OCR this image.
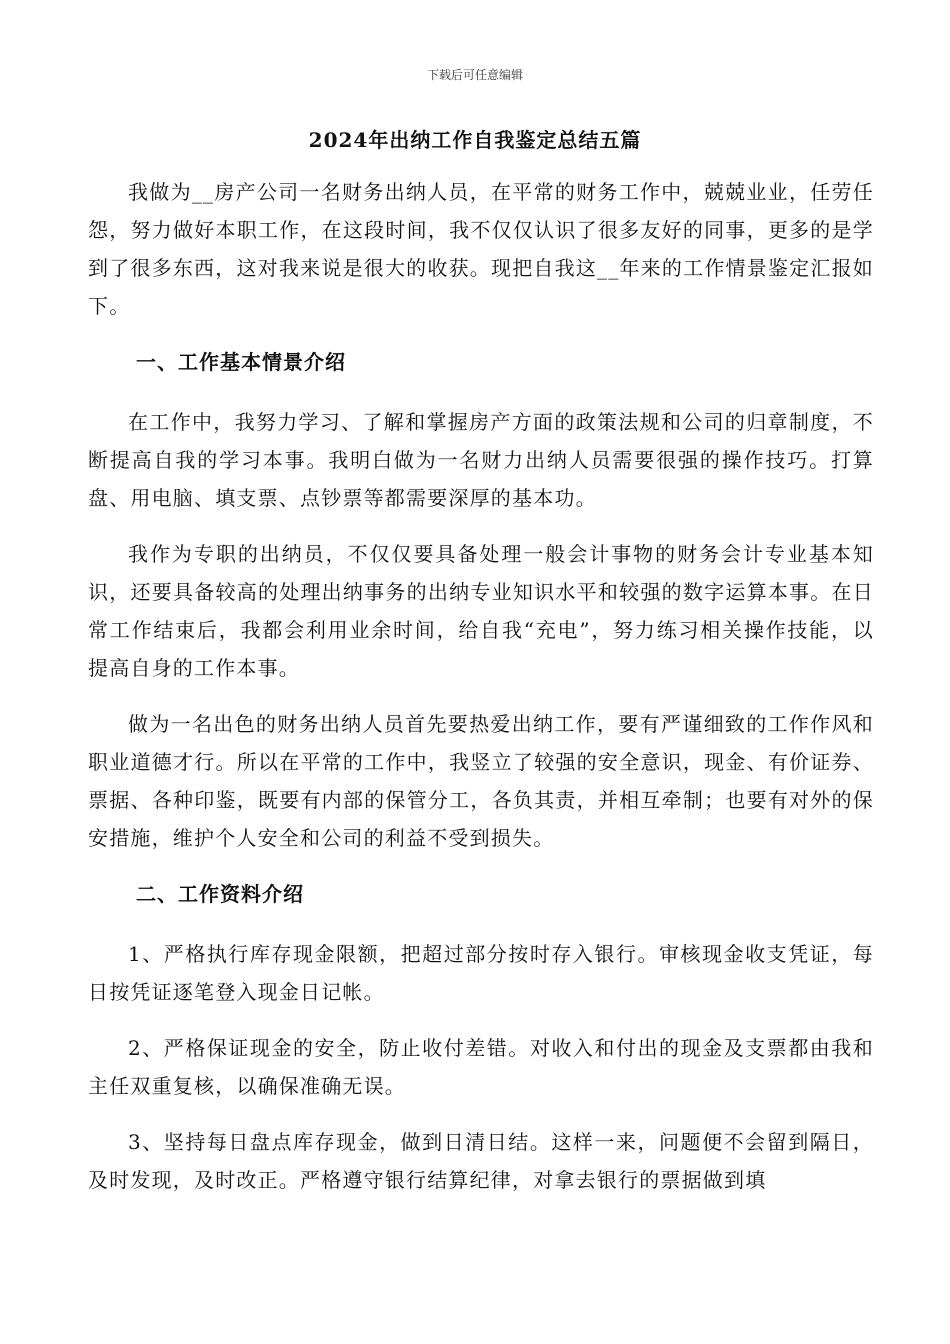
下载后可任意编辑
2024年出纳工作自我鉴定总结五篇

我做为__房产公司一名财务出纳人员，在平常的财务工作中，兢兢业业，任劳任怨，努力做好本职工作，在这段时间，我不仅仅认识了很多友好的同事，更多的是学到了很多东西，这对我来说是很大的收获。现把自我这__年来的工作情景鉴定汇报如下。

一、工作基本情景介绍

在工作中，我努力学习、了解和掌握房产方面的政策法规和公司的归章制度，不断提高自我的学习本事。我明白做为一名财力出纳人员需要很强的操作技巧。打算盘、用电脑、填支票、点钞票等都需要深厚的基本功。

我作为专职的出纳员，不仅仅要具备处理一般会计事物的财务会计专业基本知识，还要具备较高的处理出纳事务的出纳专业知识水平和较强的数字运算本事。在日常工作结束后，我都会利用业余时间，给自我“充电”，努力练习相关操作技能，以提高自身的工作本事。

做为一名出色的财务出纳人员首先要热爱出纳工作，要有严谨细致的工作作风和职业道德才行。所以在平常的工作中，我竖立了较强的安全意识，现金、有价证券、票据、各种印鉴，既要有内部的保管分工，各负其责，并相互牵制；也要有对外的保安措施，维护个人安全和公司的利益不受到损失。

二、工作资料介绍

1、严格执行库存现金限额，把超过部分按时存入银行。审核现金收支凭证，每日按凭证逐笔登入现金日记帐。

2、严格保证现金的安全，防止收付差错。对收入和付出的现金及支票都由我和主任双重复核，以确保准确无误。

3、坚持每日盘点库存现金，做到日清日结。这样一来，问题便不会留到隔日，及时发现，及时改正。严格遵守银行结算纪律，对拿去银行的票据做到填
